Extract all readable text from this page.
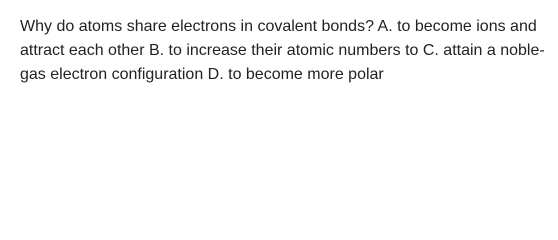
Why do atoms share electrons in covalent bonds? A. to become ions and attract each other B. to increase their atomic numbers to C. attain a noble-gas electron configuration D. to become more polar
